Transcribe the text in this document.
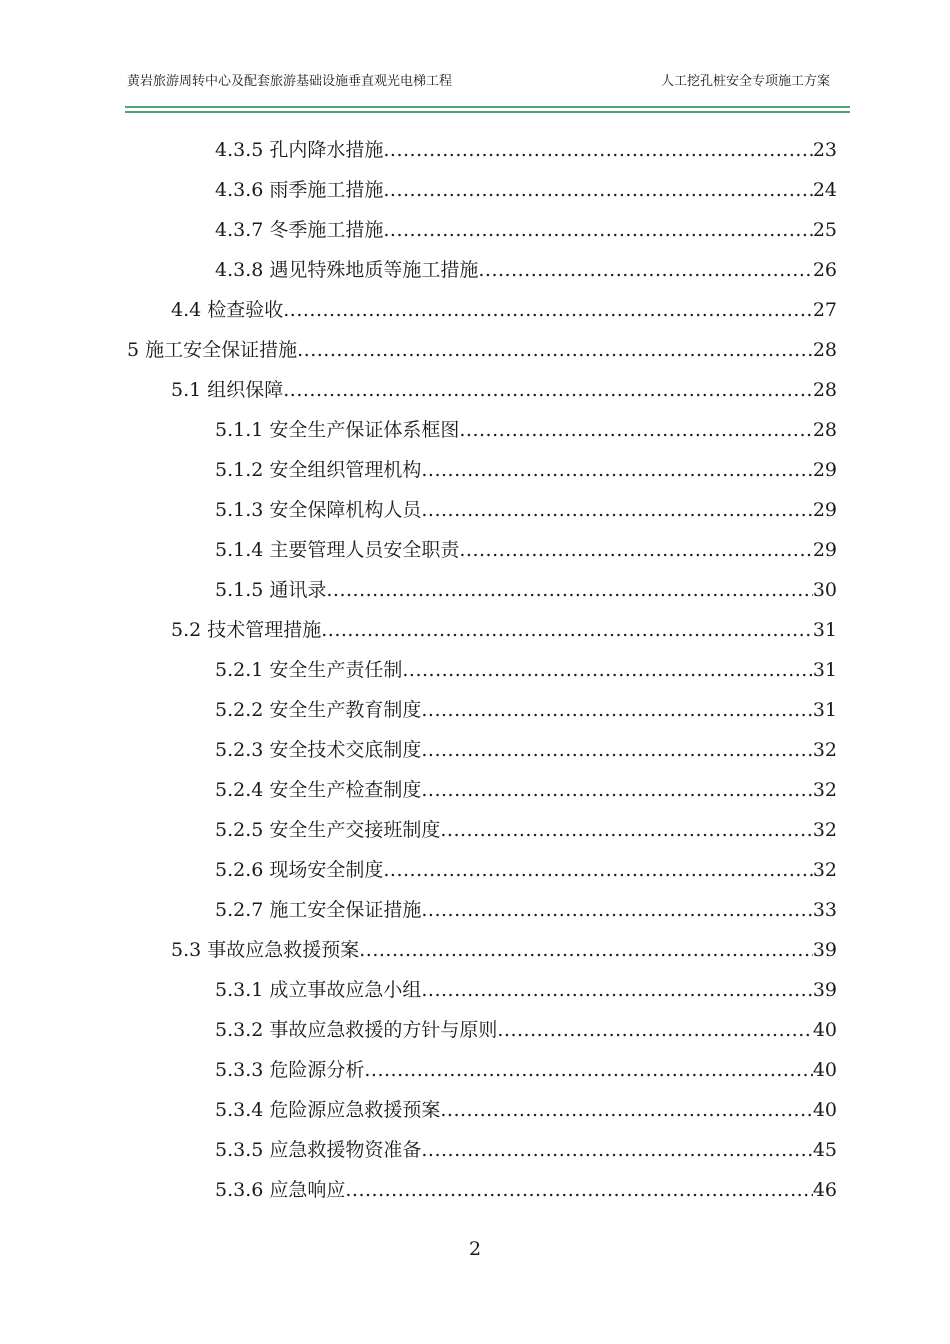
黄岩旅游周转中心及配套旅游基础设施垂直观光电梯工程	人工挖孔桩安全专项施工方案
4.3.5 孔内降水措施 .....	23
4.3.6 雨季施工措施 .....	24
4.3.7 冬季施工措施 .....	25
4.3.8 遇见特殊地质等施工措施 .....	26
4.4 检查验收 .....	27
5 施工安全保证措施 .....	28
5.1 组织保障 .....	28
5.1.1 安全生产保证体系框图 .....	28
5.1.2 安全组织管理机构 .....	29
5.1.3 安全保障机构人员 .....	29
5.1.4 主要管理人员安全职责 .....	29
5.1.5 通讯录 .....	30
5.2 技术管理措施 .....	31
5.2.1 安全生产责任制 .....	31
5.2.2 安全生产教育制度 .....	31
5.2.3 安全技术交底制度 .....	32
5.2.4 安全生产检查制度 .....	32
5.2.5 安全生产交接班制度 .....	32
5.2.6 现场安全制度 .....	32
5.2.7 施工安全保证措施 .....	33
5.3 事故应急救援预案 .....	39
5.3.1 成立事故应急小组 .....	39
5.3.2 事故应急救援的方针与原则 .....	40
5.3.3 危险源分析 .....	40
5.3.4 危险源应急救援预案 .....	40
5.3.5 应急救援物资准备 .....	45
5.3.6 应急响应 .....	46
2
